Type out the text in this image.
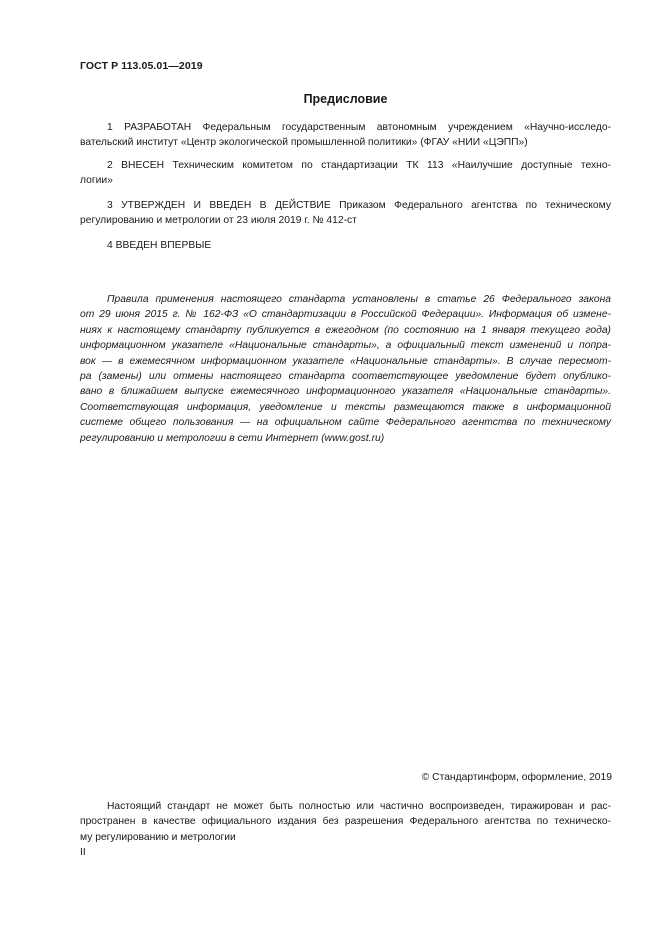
ГОСТ Р 113.05.01—2019
Предисловие
1 РАЗРАБОТАН Федеральным государственным автономным учреждением «Научно-исследо-
вательский институт «Центр экологической промышленной политики» (ФГАУ «НИИ «ЦЭПП»)
2 ВНЕСЕН Техническим комитетом по стандартизации ТК 113 «Наилучшие доступные техно-
логии»
3 УТВЕРЖДЕН И ВВЕДЕН В ДЕЙСТВИЕ Приказом Федерального агентства по техническому
регулированию и метрологии от 23 июля 2019 г. № 412-ст
4 ВВЕДЕН ВПЕРВЫЕ
Правила применения настоящего стандарта установлены в статье 26 Федерального закона
от 29 июня 2015 г. № 162-ФЗ «О стандартизации в Российской Федерации». Информация об измене-
ниях к настоящему стандарту публикуется в ежегодном (по состоянию на 1 января текущего года)
информационном указателе «Национальные стандарты», а официальный текст изменений и попра-
вок — в ежемесячном информационном указателе «Национальные стандарты». В случае пересмот-
ра (замены) или отмены настоящего стандарта соответствующее уведомление будет опублико-
вано в ближайшем выпуске ежемесячного информационного указателя «Национальные стандарты».
Соответствующая информация, уведомление и тексты размещаются также в информационной
системе общего пользования — на официальном сайте Федерального агентства по техническому
регулированию и метрологии в сети Интернет (www.gost.ru)
© Стандартинформ, оформление, 2019
Настоящий стандарт не может быть полностью или частично воспроизведен, тиражирован и рас-
пространен в качестве официального издания без разрешения Федерального агентства по техническо-
му регулированию и метрологии
II
